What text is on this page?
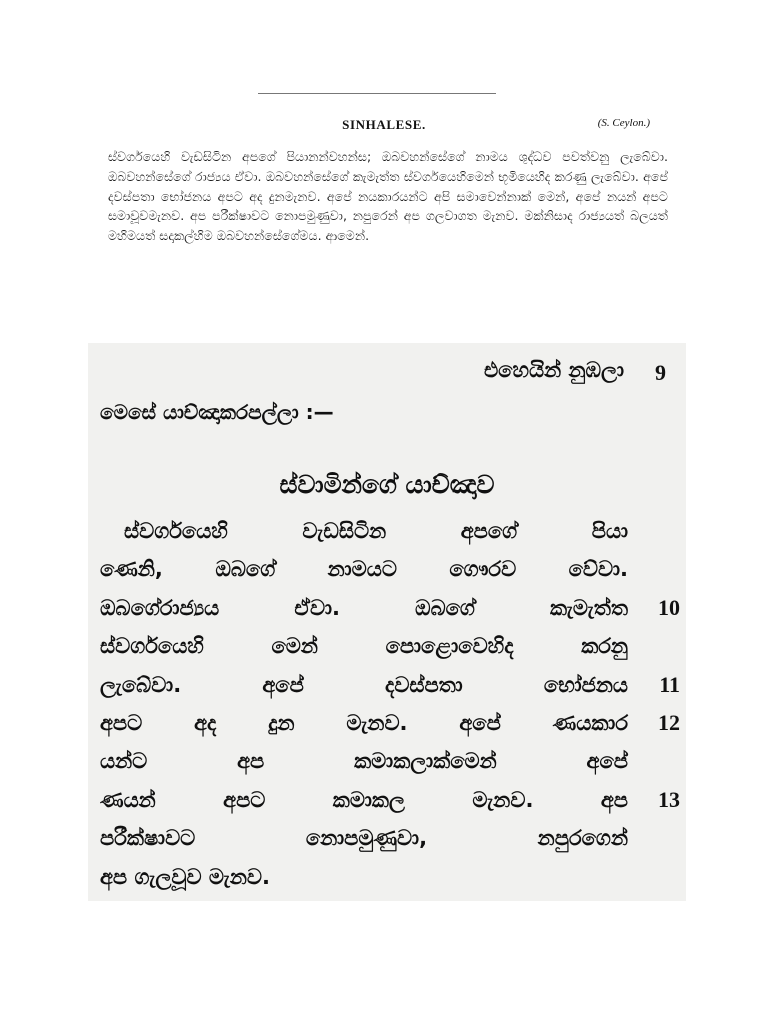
SINHALESE.	(S. Ceylon.)
ස්වර්ගයෙහි වැඩසිටින අපගේ පියානන්වහන්ස; ඔබවහන්සේගේ නාමය ශුද්ධව පවත්වනු ලැබේවා. ඔබවහන්සේගේ රාජ්‍යය ඒවා. ඔබවහන්සේගේ කැමැත්ත ස්වර්ගයෙහිමෙන් භූමියෙහිද කරණු ලැබේවා. අපේ දවස්පතා භෝජනය අපට අද දුනමැනව. අපේ නයකාරයන්ට අපි සමාවෙන්නාක් මෙන්, අපේ නයන් අපට සමාවූවමැනව. අප පරීක්ෂාවට නොපමුණුවා, නපුරෙන් අප ගලවාගත මැනව. මක්නිසාද රාජ්‍යයත් බලයත් මහිමයත් සදාකල්හිම ඔබවහන්සේගේමය. ආමෙන්.
එහෙයින් නුඹලා 9
මෙසේ යාච්ඤාකරපල්ලා :—
ස්වාමින්ගේ යාච්ඤාව
ස්වර්ගයෙහි වැඩසිටින අපගේ පියා
ණෙනි, ඔබගේ නාමයට ගෞරව වේවා.
ඔබගේරාජ්‍යය ඒවා. ඔබගේ කැමැත්ත 10
ස්වර්ගයෙහි මෙන් පොළොවෙහිද කරනු
ලැබේවා. අපේ දවස්පතා භෝජනය 11
අපට අද දුන මැනව. අපේ ණයකාර 12
යන්ට අප කමාකලාක්මෙන් අපේ
ණයන් අපට කමාකල මැනව. අප 13
පරීක්ෂාවට නොපමුණුවා, නපුරගෙන්
අප ගැලවූව මැනව.
